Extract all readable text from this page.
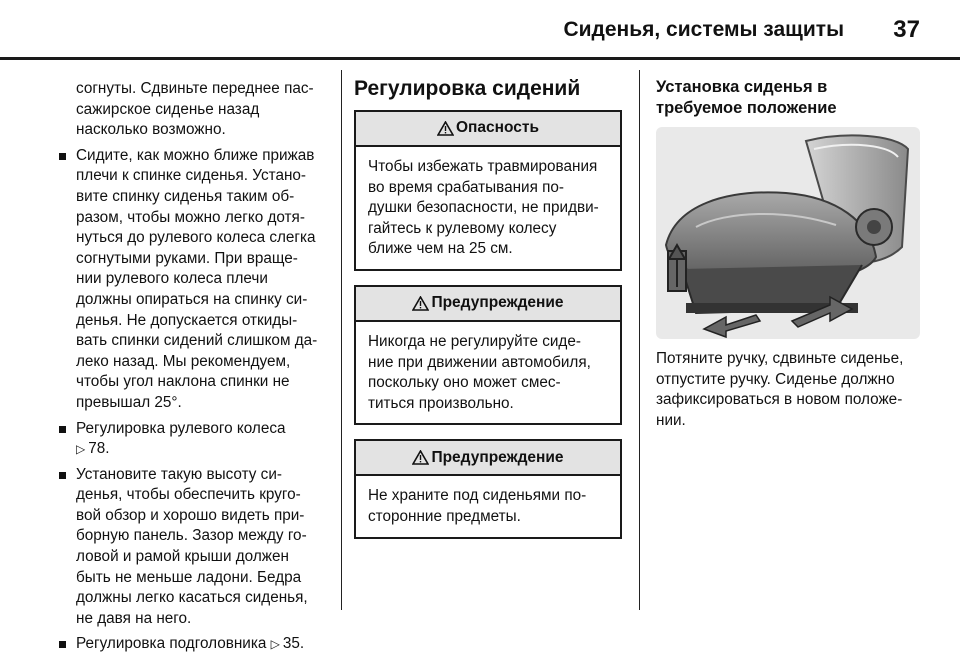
Сиденья, системы защиты 37
согнуты. Сдвиньте переднее пас-
сажирское сиденье назад
насколько возможно.
Сидите, как можно ближе прижав
плечи к спинке сиденья. Устано-
вите спинку сиденья таким об-
разом, чтобы можно легко дотя-
нуться до рулевого колеса слегка
согнутыми руками. При враще-
нии рулевого колеса плечи
должны опираться на спинку си-
денья. Не допускается откиды-
вать спинки сидений слишком да-
леко назад. Мы рекомендуем,
чтобы угол наклона спинки не
превышал 25°.
Регулировка рулевого колеса
▷ 78.
Установите такую высоту си-
денья, чтобы обеспечить круго-
вой обзор и хорошо видеть при-
борную панель. Зазор между го-
ловой и рамой крыши должен
быть не меньше ладони. Бедра
должны легко касаться сиденья,
не давя на него.
Регулировка подголовника ▷ 35.
Регулировка сидений
Опасность
Чтобы избежать травмирования
во время срабатывания по-
душки безопасности, не придви-
гайтесь к рулевому колесу
ближе чем на 25 см.
Предупреждение
Никогда не регулируйте сиде-
ние при движении автомобиля,
поскольку оно может смес-
титься произвольно.
Предупреждение
Не храните под сиденьями по-
сторонние предметы.
Установка сиденья в
требуемое положение
Потяните ручку, сдвиньте сиденье,
отпустите ручку. Сиденье должно
зафиксироваться в новом положе-
нии.
